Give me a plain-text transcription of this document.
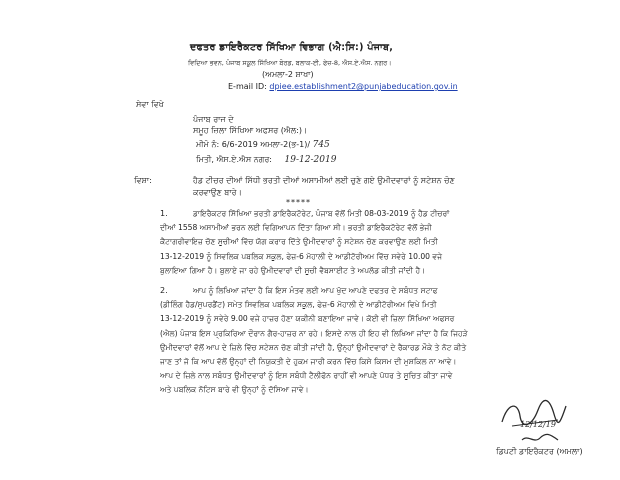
ਦਫਤਰ ਡਾਇਰੈਕਟਰ ਸਿੱਖਿਆ ਵਿਭਾਗ (ਐ:ਸਿ:) ਪੰਜਾਬ,
ਵਿਦਿਆ ਭਵਨ, ਪੰਜਾਬ ਸਕੂਲ ਸਿੱਖਿਆ ਬੋਰਡ, ਬਲਾਕ-ਈ, ਫੇਜ਼-8, ਐਸ.ਏ.ਐਸ. ਨਗਰ।
(ਅਮਲਾ-2 ਸ਼ਾਖਾ)
E-mail ID: dpiee.establishment2@punjabeducation.gov.in
ਸੇਵਾ ਵਿਖੇ
ਪੰਜਾਬ ਰਾਜ ਦੇ
ਸਮੂਹ ਜ਼ਿਲਾ ਸਿੱਖਿਆ ਅਫਸਰ (ਐਲ:)।
ਮੀਮੋ ਨੰ: 6/6-2019 ਅਮਲਾ-2(ਭ-1)/ 745
ਮਿਤੀ, ਐਸ.ਏ.ਐਸ ਨਗਰ: 19-12-2019
ਵਿਸ਼ਾ:	ਹੈਡ ਟੀਚਰ ਦੀਆਂ ਸਿੱਧੀ ਭਰਤੀ ਦੀਆਂ ਅਸਾਮੀਆਂ ਲਈ ਚੁਣੇ ਗਏ ਉਮੀਦਵਾਰਾਂ ਨੂੰ ਸਟੇਸ਼ਨ ਚੋਣ
ਕਰਵਾਉਣ ਬਾਰੇ।
*****
1.	ਡਾਇਰੈਕਟਰ ਸਿੱਖਿਆ ਭਰਤੀ ਡਾਇਰੈਕਟੋਰੇਟ, ਪੰਜਾਬ ਵੱਲੋਂ ਮਿਤੀ 08-03-2019 ਨੂੰ ਹੈਡ ਟੀਚਰਾਂ
ਦੀਆਂ 1558 ਅਸਾਮੀਆਂ ਭਰਨ ਲਈ ਵਿਗਿਆਪਨ ਦਿੱਤਾ ਗਿਆ ਸੀ। ਭਰਤੀ ਡਾਇਰੈਕਟੋਰੇਟ ਵੱਲੋਂ ਭੇਜੀ
ਕੈਟਾਗਰੀਵਾਇਜ਼ ਚੋਣ ਸੂਚੀਆਂ ਵਿੱਚ ਯੋਗ ਕਰਾਰ ਦਿੱਤੇ ਉਮੀਦਵਾਰਾਂ ਨੂੰ ਸਟੇਸ਼ਨ ਚੋਣ ਕਰਵਾਉਣ ਲਈ ਮਿਤੀ
13-12-2019 ਨੂੰ ਸਿਵਲਿਕ ਪਬਲਿਕ ਸਕੂਲ, ਫੇਜ਼-6 ਮੋਹਾਲੀ ਦੇ ਆਡੀਟੋਰੀਅਮ ਵਿੱਚ ਸਵੇਰੇ 10.00 ਵਜੇ
ਬੁਲਾਇਆ ਗਿਆ ਹੈ। ਬੁਲਾਏ ਜਾ ਰਹੇ ਉਮੀਦਵਾਰਾਂ ਦੀ ਸੂਚੀ ਵੈਬਸਾਈਟ ਤੇ ਅਪਲੋਡ ਕੀਤੀ ਜਾਂਦੀ ਹੈ।
2.	ਆਪ ਨੂੰ ਲਿਖਿਆ ਜਾਂਦਾ ਹੈ ਕਿ ਇਸ ਮੰਤਵ ਲਈ ਆਪ ਖੁੱਦ ਆਪਣੇ ਦਫਤਰ ਦੇ ਸਬੰਧਤ ਸਟਾਫ
(ਡੀਲਿੰਗ ਹੈਡ/ਸੁਪਰਡੈਂਟ) ਸਮੇਤ ਸਿਵਲਿਕ ਪਬਲਿਕ ਸਕੂਲ, ਫੇਜ਼-6 ਮੋਹਾਲੀ ਦੇ ਆਡੀਟੋਰੀਅਮ ਵਿਖੇ ਮਿਤੀ
13-12-2019 ਨੂੰ ਸਵੇਰੇ 9.00 ਵਜੇ ਹਾਜ਼ਰ ਹੋਣਾ ਯਕੀਨੀ ਬਣਾਇਆ ਜਾਵੇ। ਕੋਈ ਵੀ ਜ਼ਿਲਾ ਸਿੱਖਿਆ ਅਫਸਰ
(ਐਲ) ਪੰਜਾਬ ਇਸ ਪ੍ਰਕਿਰਿਆ ਦੌਰਾਨ ਗੈਰ-ਹਾਜ਼ਰ ਨਾ ਰਹੇ। ਇਸਦੇ ਨਾਲ ਹੀ ਇਹ ਵੀ ਲਿਖਿਆ ਜਾਂਦਾ ਹੈ ਕਿ ਜਿਹੜੇ
ਉਮੀਦਵਾਰਾਂ ਵੱਲੋਂ ਆਪ ਦੇ ਜ਼ਿਲੇ ਵਿੱਚ ਸਟੇਸ਼ਨ ਚੋਣ ਕੀਤੀ ਜਾਂਦੀ ਹੈ, ਉਨ੍ਹਾਂ ਉਮੀਦਵਾਰਾਂ ਦੇ ਰੈਕਾਰਡ ਮੌਕੇ ਤੇ ਨੋਟ ਕੀਤੇ
ਜਾਣ ਤਾਂ ਜੋ ਕਿ ਆਪ ਵੱਲੋਂ ਉਨ੍ਹਾਂ ਦੀ ਨਿਯੁਕਤੀ ਦੇ ਹੁਕਮ ਜਾਰੀ ਕਰਨ ਵਿੱਚ ਕਿਸੇ ਕਿਸਮ ਦੀ ਮੁਸ਼ਕਿਲ ਨਾ ਆਵੇ।
ਆਪ ਦੇ ਜ਼ਿਲੇ ਨਾਲ ਸਬੰਧਤ ਉਮੀਦਵਾਰਾਂ ਨੂੰ ਇਸ ਸਬੰਧੀ ਟੈਲੀਫੋਨ ਰਾਹੀਂ ਵੀ ਆਪਣੇ ਪੱਧਰ ਤੇ ਸੂਚਿਤ ਕੀਤਾ ਜਾਵੇ
ਅਤੇ ਪਬਲਿਕ ਨੋਟਿਸ ਬਾਰੇ ਵੀ ਉਨ੍ਹਾਂ ਨੂੰ ਦੱਸਿਆ ਜਾਵੇ।
12/12/19
ਡਿਪਟੀ ਡਾਇਰੈਕਟਰ (ਅਮਲਾ)
